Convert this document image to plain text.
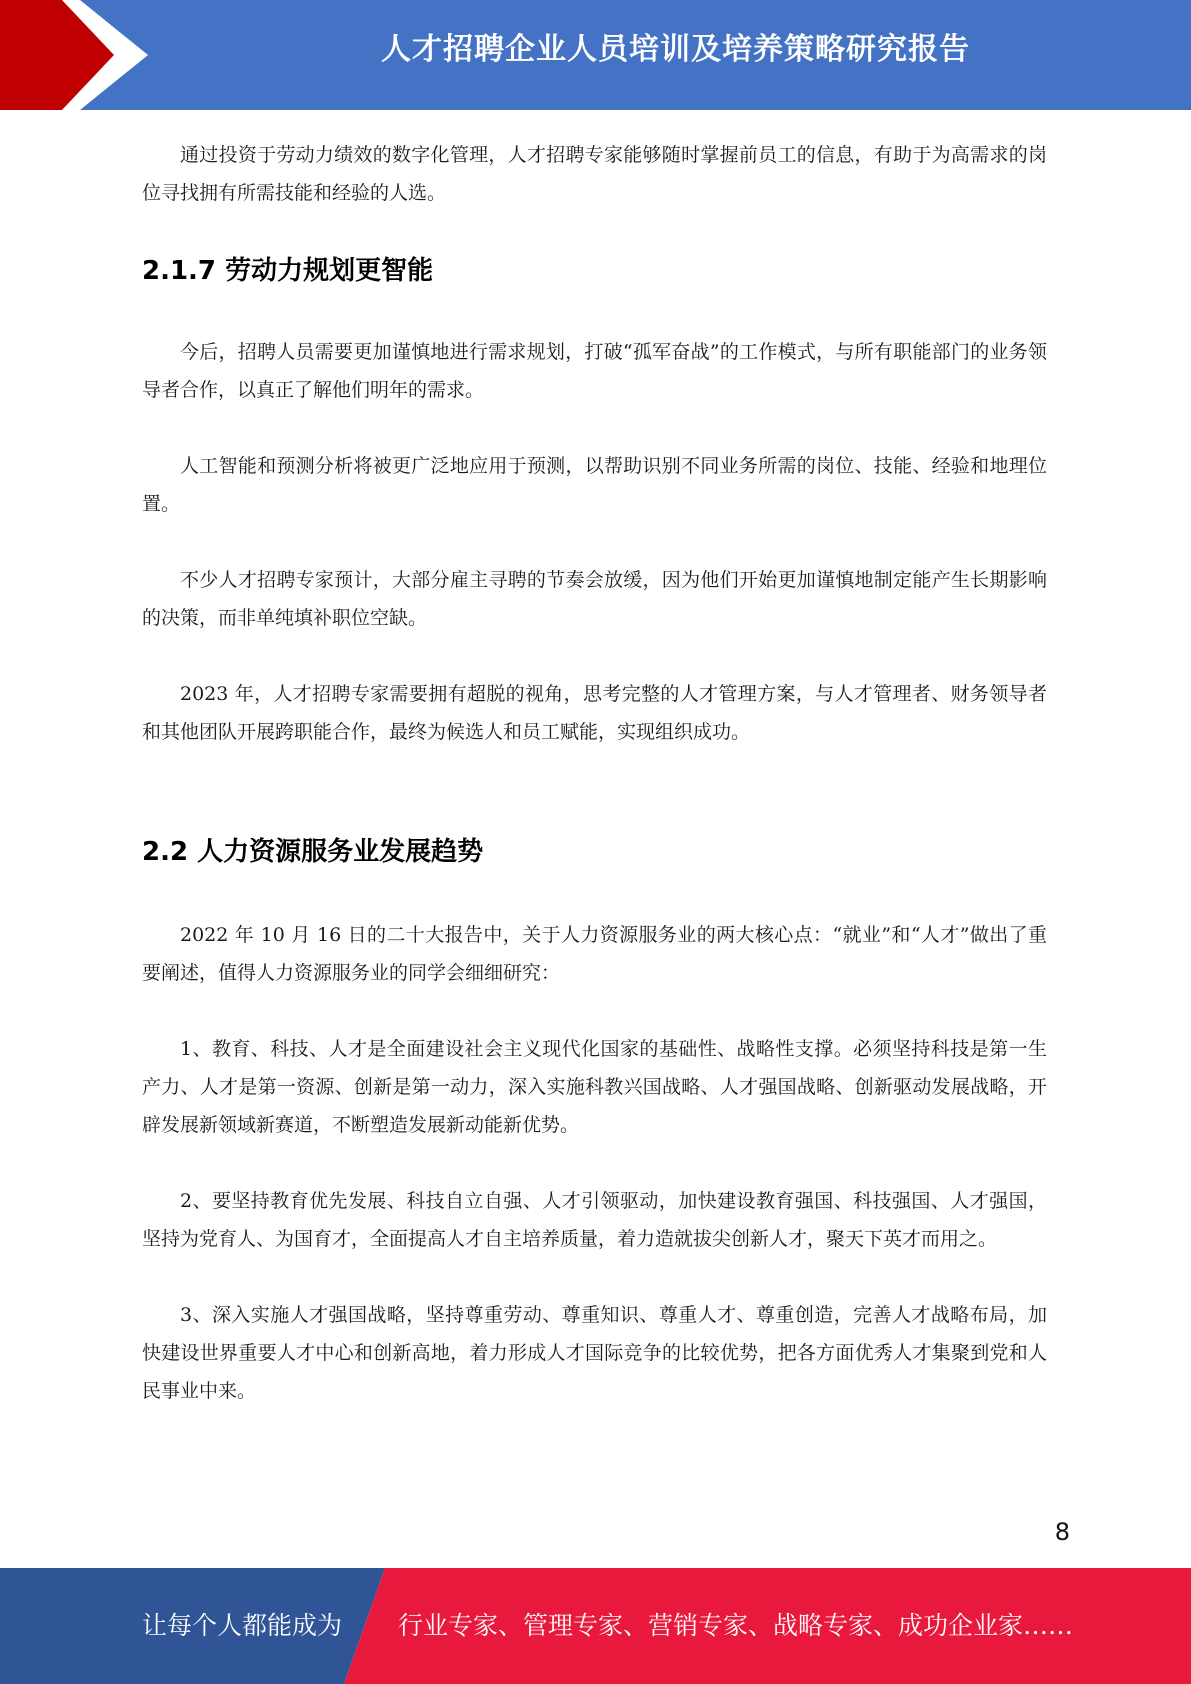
人才招聘企业人员培训及培养策略研究报告

通过投资于劳动力绩效的数字化管理，人才招聘专家能够随时掌握前员工的信息，有助于为高需求的岗位寻找拥有所需技能和经验的人选。

2.1.7 劳动力规划更智能

今后，招聘人员需要更加谨慎地进行需求规划，打破“孤军奋战”的工作模式，与所有职能部门的业务领导者合作，以真正了解他们明年的需求。

人工智能和预测分析将被更广泛地应用于预测，以帮助识别不同业务所需的岗位、技能、经验和地理位置。

不少人才招聘专家预计，大部分雇主寻聘的节奏会放缓，因为他们开始更加谨慎地制定能产生长期影响的决策，而非单纯填补职位空缺。

2023 年，人才招聘专家需要拥有超脱的视角，思考完整的人才管理方案，与人才管理者、财务领导者和其他团队开展跨职能合作，最终为候选人和员工赋能，实现组织成功。

2.2 人力资源服务业发展趋势

2022 年 10 月 16 日的二十大报告中，关于人力资源服务业的两大核心点：“就业”和“人才”做出了重要阐述，值得人力资源服务业的同学会细细研究：

1、教育、科技、人才是全面建设社会主义现代化国家的基础性、战略性支撑。必须坚持科技是第一生产力、人才是第一资源、创新是第一动力，深入实施科教兴国战略、人才强国战略、创新驱动发展战略，开辟发展新领域新赛道，不断塑造发展新动能新优势。

2、要坚持教育优先发展、科技自立自强、人才引领驱动，加快建设教育强国、科技强国、人才强国，坚持为党育人、为国育才，全面提高人才自主培养质量，着力造就拔尖创新人才，聚天下英才而用之。

3、深入实施人才强国战略，坚持尊重劳动、尊重知识、尊重人才、尊重创造，完善人才战略布局，加快建设世界重要人才中心和创新高地，着力形成人才国际竞争的比较优势，把各方面优秀人才集聚到党和人民事业中来。

8
让每个人都能成为 行业专家、管理专家、营销专家、战略专家、成功企业家……
